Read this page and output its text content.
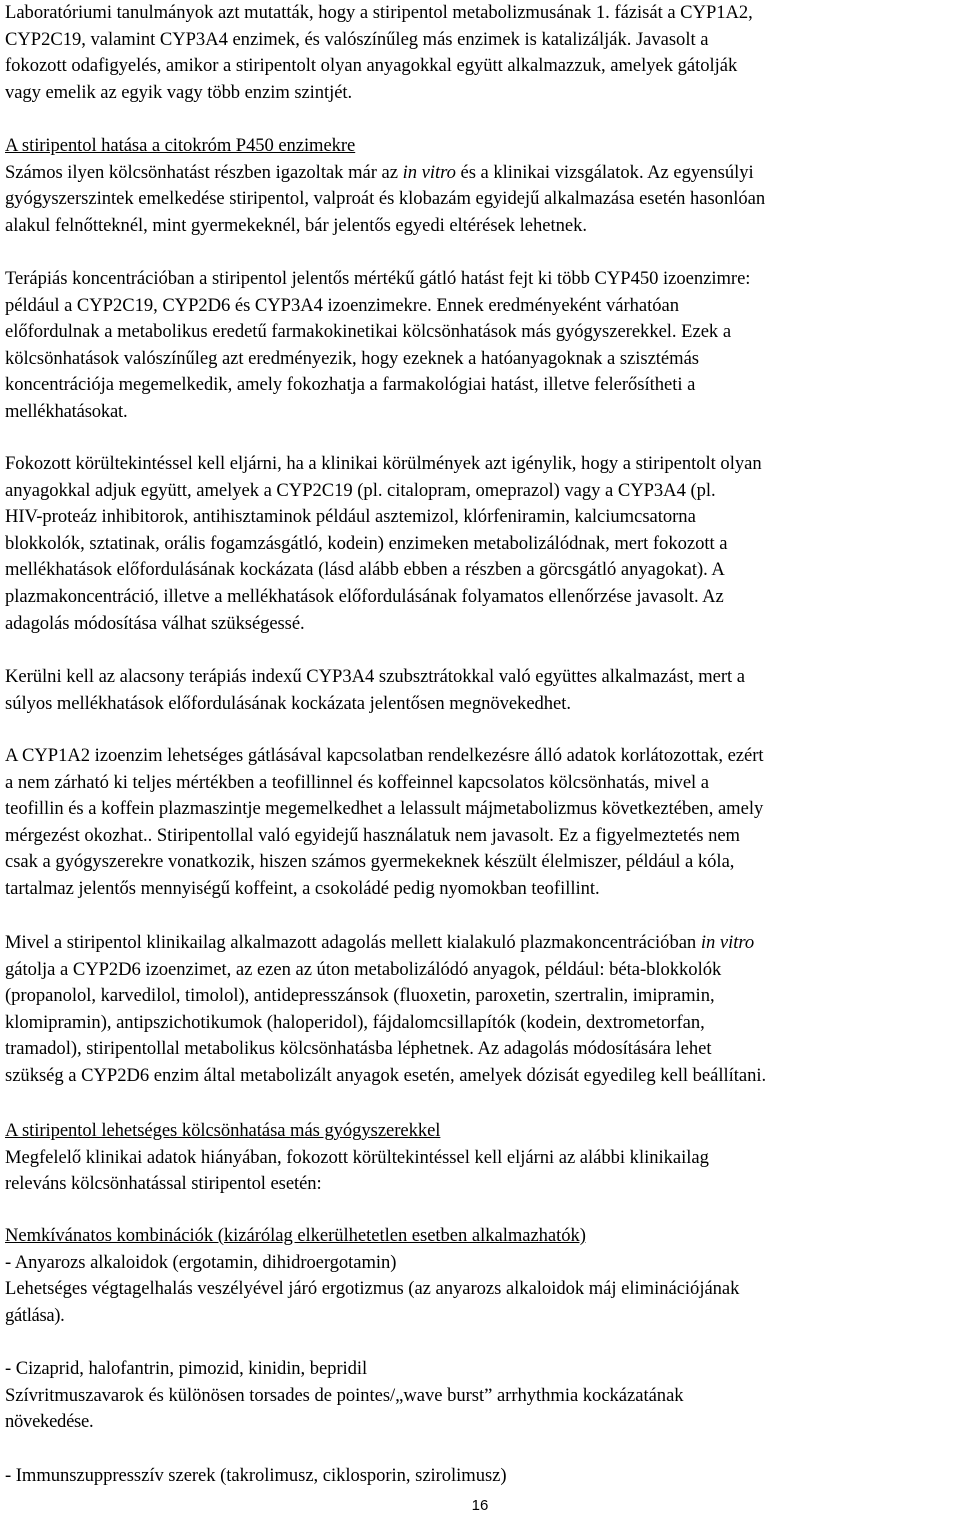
Laboratóriumi tanulmányok azt mutatták, hogy a stiripentol metabolizmusának 1. fázisát a CYP1A2,
CYP2C19, valamint CYP3A4 enzimek, és valószínűleg más enzimek is katalizálják. Javasolt a
fokozott odafigyelés, amikor a stiripentolt olyan anyagokkal együtt alkalmazzuk, amelyek gátolják
vagy emelik az egyik vagy több enzim szintjét.

A stiripentol hatása a citokróm P450 enzimekre
Számos ilyen kölcsönhatást részben igazoltak már az in vitro és a klinikai vizsgálatok. Az egyensúlyi
gyógyszerszintek emelkedése stiripentol, valproát és klobazám egyidejű alkalmazása esetén hasonlóan
alakul felnőtteknél, mint gyermekeknél, bár jelentős egyedi eltérések lehetnek.

Terápiás koncentrációban a stiripentol jelentős mértékű gátló hatást fejt ki több CYP450 izoenzimre:
például a CYP2C19, CYP2D6 és CYP3A4 izoenzimekre. Ennek eredményeként várhatóan
előfordulnak a metabolikus eredetű farmakokinetikai kölcsönhatások más gyógyszerekkel. Ezek a
kölcsönhatások valószínűleg azt eredményezik, hogy ezeknek a hatóanyagoknak a szisztémás
koncentrációja megemelkedik, amely fokozhatja a farmakológiai hatást, illetve felerősítheti a
mellékhatásokat.

Fokozott körültekintéssel kell eljárni, ha a klinikai körülmények azt igénylik, hogy a stiripentolt olyan
anyagokkal adjuk együtt, amelyek a CYP2C19 (pl. citalopram, omeprazol) vagy a CYP3A4 (pl.
HIV-proteáz inhibitorok, antihisztaminok például asztemizol, klórfeniramin, kalciumcsatorna
blokkolók, sztatinak, orális fogamzásgátló, kodein) enzimeken metabolizálódnak, mert fokozott a
mellékhatások előfordulásának kockázata (lásd alább ebben a részben a görcsgátló anyagokat). A
plazmakoncentráció, illetve a mellékhatások előfordulásának folyamatos ellenőrzése javasolt. Az
adagolás módosítása válhat szükségessé.

Kerülni kell az alacsony terápiás indexű CYP3A4 szubsztrátokkal való együttes alkalmazást, mert a
súlyos mellékhatások előfordulásának kockázata jelentősen megnövekedhet.

A CYP1A2 izoenzim lehetséges gátlásával kapcsolatban rendelkezésre álló adatok korlátozottak, ezért
a nem zárható ki teljes mértékben a teofillinnel és koffeinnel kapcsolatos kölcsönhatás, mivel a
teofillin és a koffein plazmaszintje megemelkedhet a lelassult májmetabolizmus következtében, amely
mérgezést okozhat.. Stiripentollal való egyidejű használatuk nem javasolt. Ez a figyelmeztetés nem
csak a gyógyszerekre vonatkozik, hiszen számos gyermekeknek készült élelmiszer, például a kóla,
tartalmaz jelentős mennyiségű koffeint, a csokoládé pedig nyomokban teofillint.

Mivel a stiripentol klinikailag alkalmazott adagolás mellett kialakuló plazmakoncentrációban in vitro
gátolja a CYP2D6 izoenzimet, az ezen az úton metabolizálódó anyagok, például: béta-blokkolók
(propanolol, karvedilol, timolol), antidepresszánsok (fluoxetin, paroxetin, szertralin, imipramin,
klomipramin), antipszichotikumok (haloperidol), fájdalomcsillapítók (kodein, dextrometorfan,
tramadol), stiripentollal metabolikus kölcsönhatásba léphetnek. Az adagolás módosítására lehet
szükség a CYP2D6 enzim által metabolizált anyagok esetén, amelyek dózisát egyedileg kell beállítani.

A stiripentol lehetséges kölcsönhatása más gyógyszerekkel
Megfelelő klinikai adatok hiányában, fokozott körültekintéssel kell eljárni az alábbi klinikailag
releváns kölcsönhatással stiripentol esetén:
Nemkívánatos kombinációk (kizárólag elkerülhetetlen esetben alkalmazhatók)
- Anyarozs alkaloidok (ergotamin, dihidroergotamin)
Lehetséges végtagelhalás veszélyével járó ergotizmus (az anyarozs alkaloidok máj eliminációjának
gátlása).

- Cizaprid, halofantrin, pimozid, kinidin, bepridil
Szívritmuszavarok és különösen torsades de pointes/„wave burst” arrhythmia kockázatának
növekedése.

- Immunszuppresszív szerek (takrolimusz, ciklosporin, szirolimusz)

16
